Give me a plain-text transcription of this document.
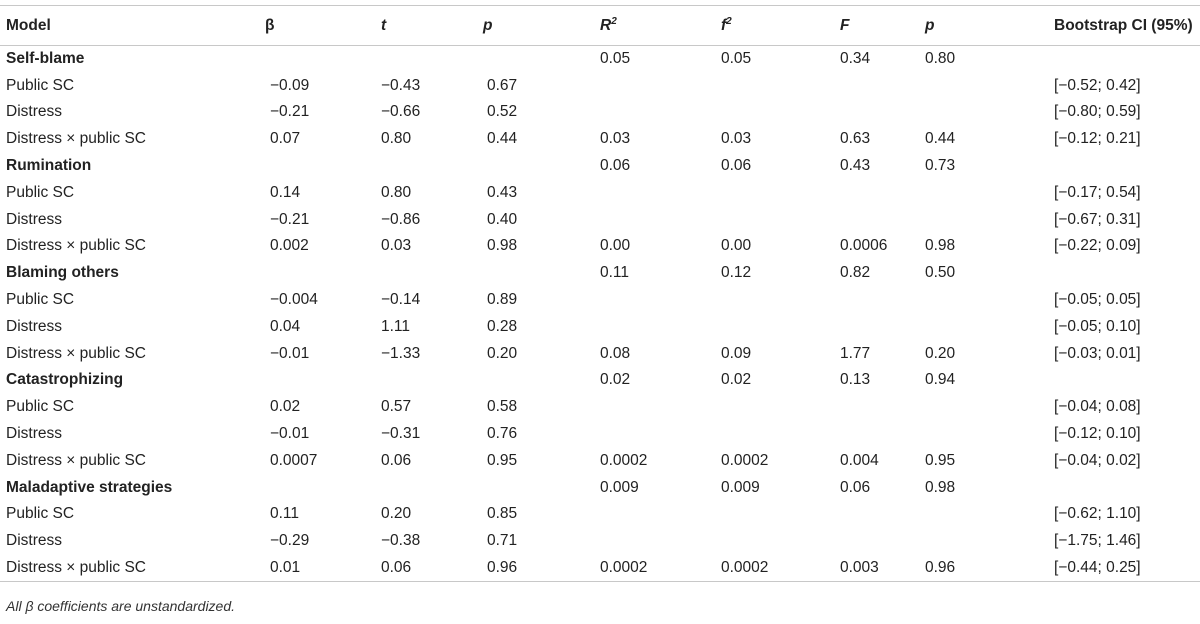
Model	β	t	p	$R^2$	$f^2$	F	p	Bootstrap CI (95%)
Self-blame				0.05	0.05	0.34	0.80	
Public SC	−0.09	−0.43	0.67					[−0.52; 0.42]
Distress	−0.21	−0.66	0.52					[−0.80; 0.59]
Distress × public SC	0.07	0.80	0.44	0.03	0.03	0.63	0.44	[−0.12; 0.21]
Rumination				0.06	0.06	0.43	0.73	
Public SC	0.14	0.80	0.43					[−0.17; 0.54]
Distress	−0.21	−0.86	0.40					[−0.67; 0.31]
Distress × public SC	0.002	0.03	0.98	0.00	0.00	0.0006	0.98	[−0.22; 0.09]
Blaming others				0.11	0.12	0.82	0.50	
Public SC	−0.004	−0.14	0.89					[−0.05; 0.05]
Distress	0.04	1.11	0.28					[−0.05; 0.10]
Distress × public SC	−0.01	−1.33	0.20	0.08	0.09	1.77	0.20	[−0.03; 0.01]
Catastrophizing				0.02	0.02	0.13	0.94	
Public SC	0.02	0.57	0.58					[−0.04; 0.08]
Distress	−0.01	−0.31	0.76					[−0.12; 0.10]
Distress × public SC	0.0007	0.06	0.95	0.0002	0.0002	0.004	0.95	[−0.04; 0.02]
Maladaptive strategies				0.009	0.009	0.06	0.98	
Public SC	0.11	0.20	0.85					[−0.62; 1.10]
Distress	−0.29	−0.38	0.71					[−1.75; 1.46]
Distress × public SC	0.01	0.06	0.96	0.0002	0.0002	0.003	0.96	[−0.44; 0.25]
All β coefficients are unstandardized.
